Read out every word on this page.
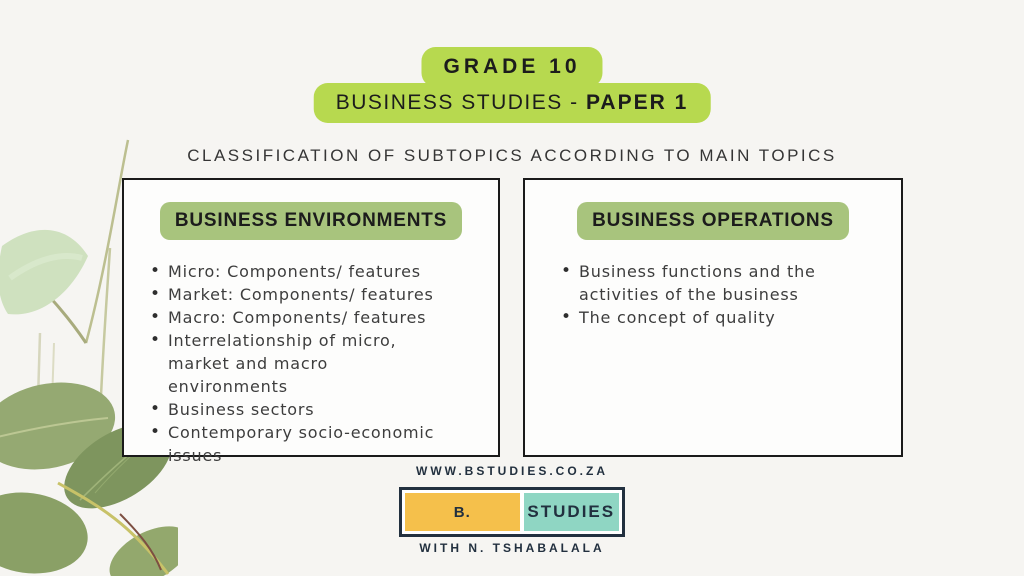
GRADE 10
BUSINESS STUDIES - PAPER 1
CLASSIFICATION OF SUBTOPICS ACCORDING TO MAIN TOPICS
BUSINESS ENVIRONMENTS
• Micro: Components/ features
• Market: Components/ features
• Macro: Components/ features
• Interrelationship of micro, market and macro environments
• Business sectors
• Contemporary socio-economic issues
BUSINESS OPERATIONS
• Business functions and the activities of the business
• The concept of quality
WWW.BSTUDIES.CO.ZA
B.	STUDIES
WITH N. TSHABALALA
